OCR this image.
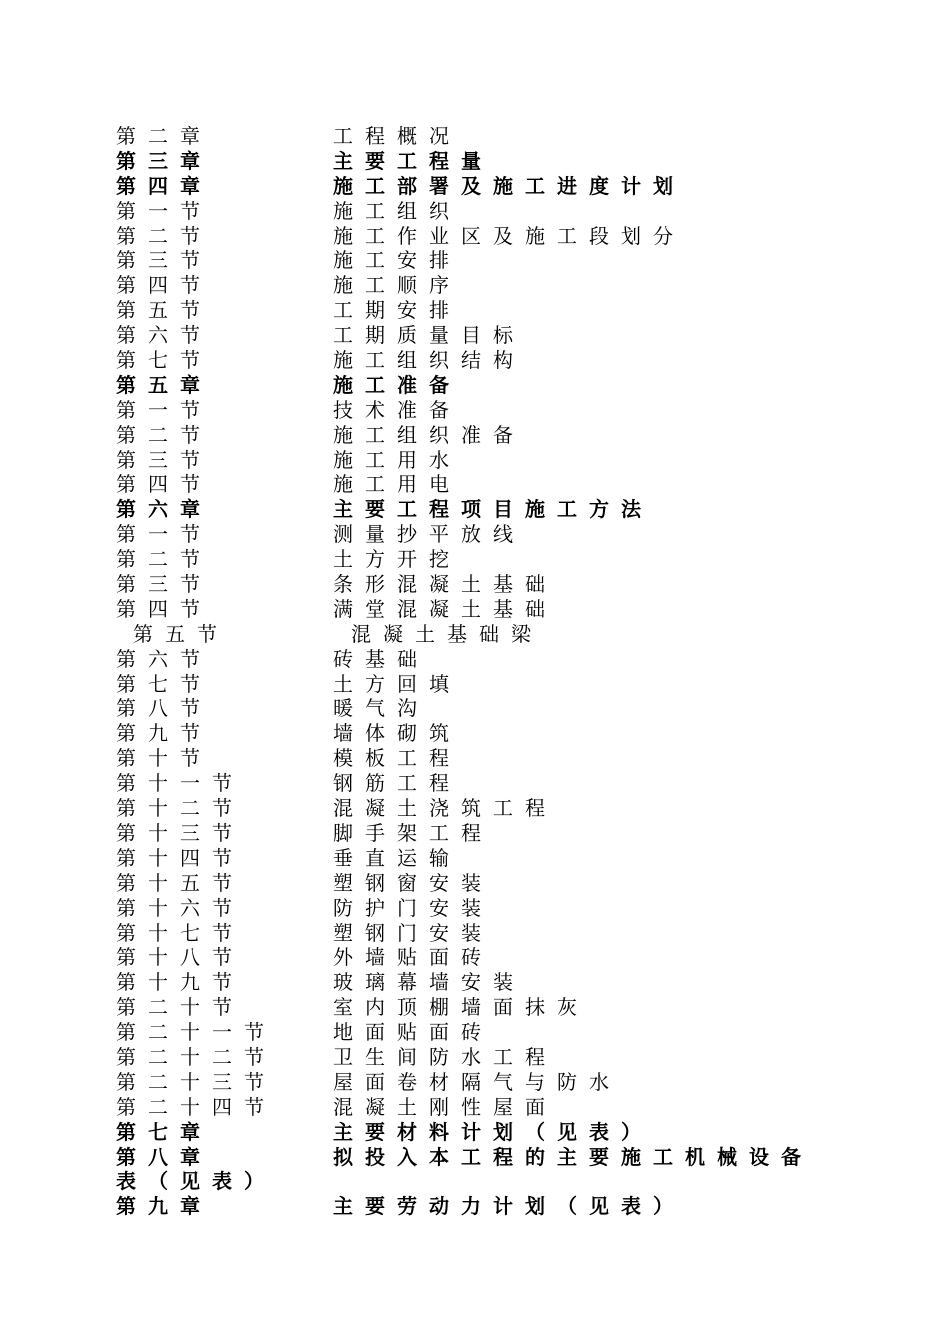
第二章	工程概况
第三章	主要工程量
第四章	施工部署及施工进度计划
第一节	施工组织
第二节	施工作业区及施工段划分
第三节	施工安排
第四节	施工顺序
第五节	工期安排
第六节	工期质量目标
第七节	施工组织结构
第五章	施工准备
第一节	技术准备
第二节	施工组织准备
第三节	施工用水
第四节	施工用电
第六章	主要工程项目施工方法
第一节	测量抄平放线
第二节	土方开挖
第三节	条形混凝土基础
第四节	满堂混凝土基础
第五节	混凝土基础梁
第六节	砖基础
第七节	土方回填
第八节	暖气沟
第九节	墙体砌筑
第十节	模板工程
第十一节	钢筋工程
第十二节	混凝土浇筑工程
第十三节	脚手架工程
第十四节	垂直运输
第十五节	塑钢窗安装
第十六节	防护门安装
第十七节	塑钢门安装
第十八节	外墙贴面砖
第十九节	玻璃幕墙安装
第二十节	室内顶棚墙面抹灰
第二十一节	地面贴面砖
第二十二节	卫生间防水工程
第二十三节	屋面卷材隔气与防水
第二十四节	混凝土刚性屋面
第七章	主要材料计划（见表）
第八章	拟投入本工程的主要施工机械设备
表（见表）
第九章	主要劳动力计划（见表）
